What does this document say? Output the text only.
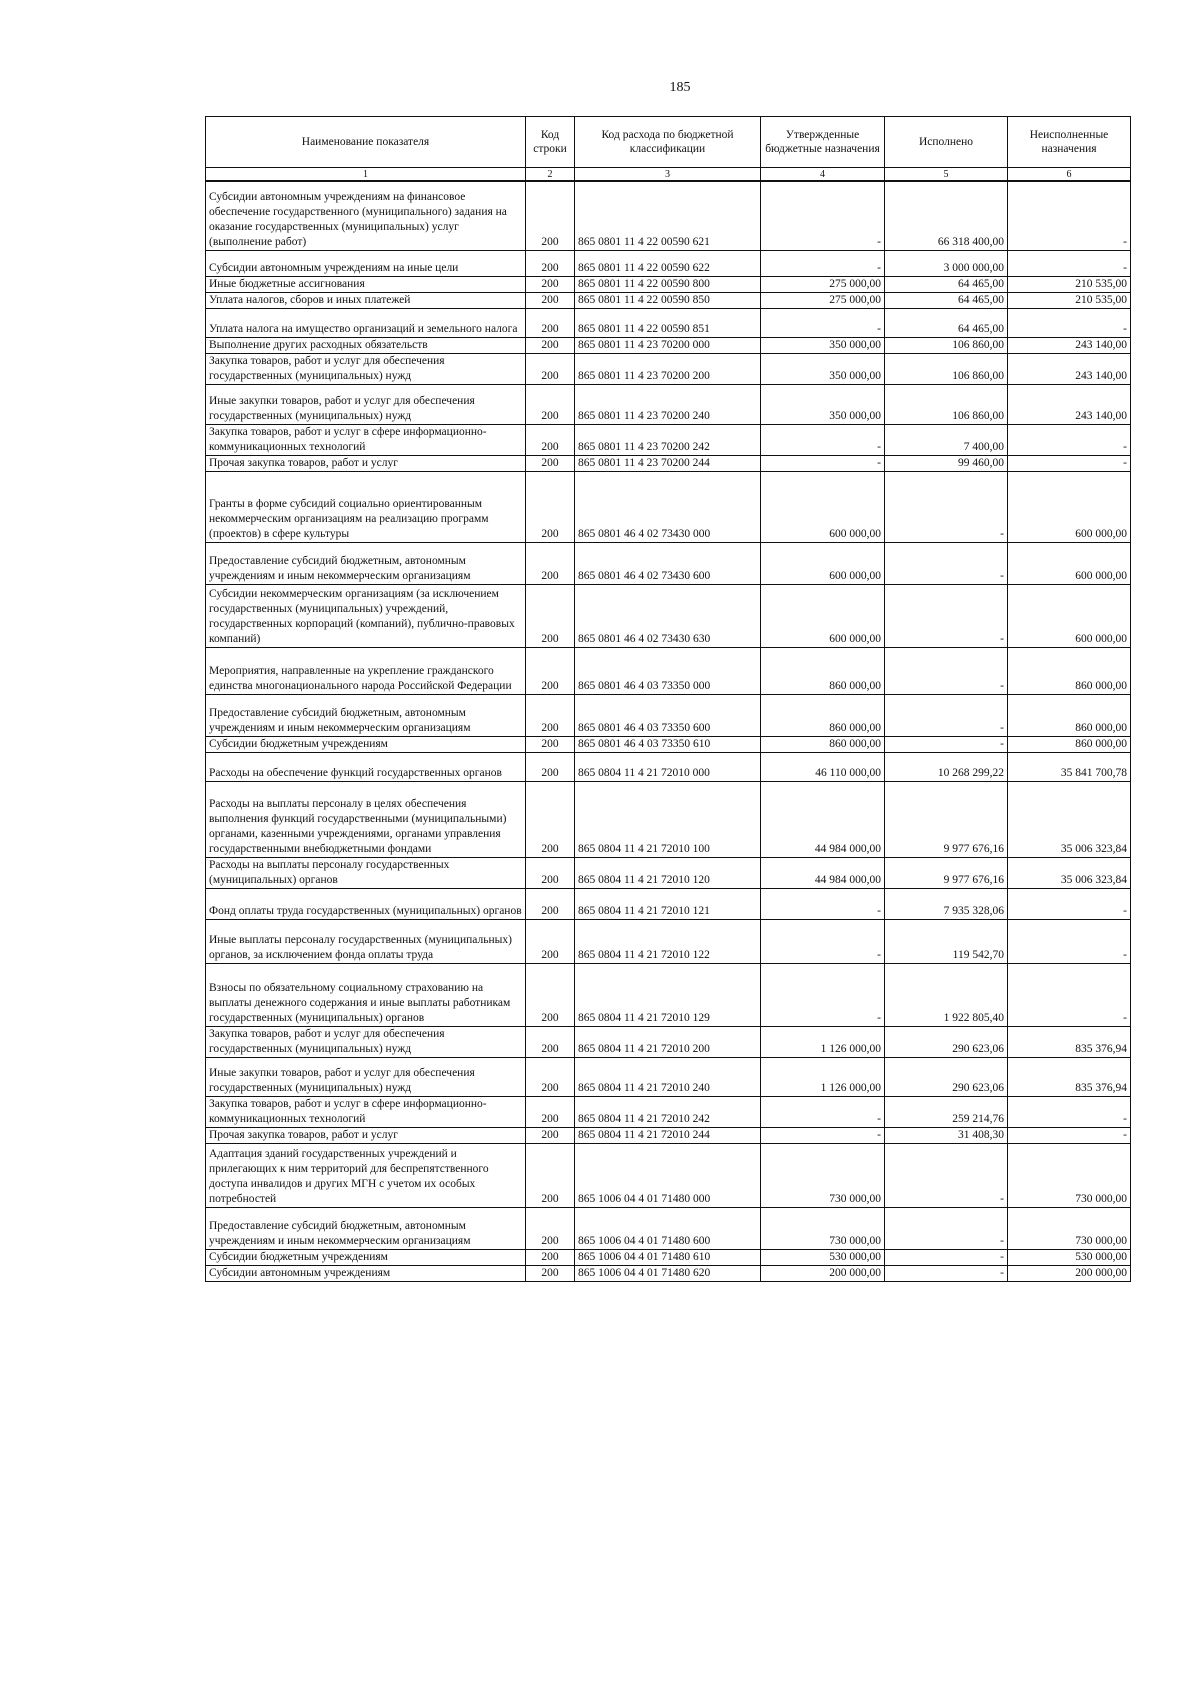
185
Наименование показателя	Код строки	Код расхода по бюджетной классификации	Утвержденные бюджетные назначения	Исполнено	Неисполненные назначения
1	2	3	4	5	6
Субсидии автономным учреждениям на финансовое обеспечение государственного (муниципального) задания на оказание государственных (муниципальных) услуг (выполнение работ)	200	865 0801 11 4 22 00590 621	-	66 318 400,00	-
Субсидии автономным учреждениям на иные цели	200	865 0801 11 4 22 00590 622	-	3 000 000,00	-
Иные бюджетные ассигнования	200	865 0801 11 4 22 00590 800	275 000,00	64 465,00	210 535,00
Уплата налогов, сборов и иных платежей	200	865 0801 11 4 22 00590 850	275 000,00	64 465,00	210 535,00
Уплата налога на имущество организаций и земельного налога	200	865 0801 11 4 22 00590 851	-	64 465,00	-
Выполнение других расходных обязательств	200	865 0801 11 4 23 70200 000	350 000,00	106 860,00	243 140,00
Закупка товаров, работ и услуг для обеспечения государственных (муниципальных) нужд	200	865 0801 11 4 23 70200 200	350 000,00	106 860,00	243 140,00
Иные закупки товаров, работ и услуг для обеспечения государственных (муниципальных) нужд	200	865 0801 11 4 23 70200 240	350 000,00	106 860,00	243 140,00
Закупка товаров, работ и услуг в сфере информационно-коммуникационных технологий	200	865 0801 11 4 23 70200 242	-	7 400,00	-
Прочая закупка товаров, работ и услуг	200	865 0801 11 4 23 70200 244	-	99 460,00	-
Гранты в форме субсидий социально ориентированным некоммерческим организациям на реализацию программ (проектов) в сфере культуры	200	865 0801 46 4 02 73430 000	600 000,00	-	600 000,00
Предоставление субсидий бюджетным, автономным учреждениям и иным некоммерческим организациям	200	865 0801 46 4 02 73430 600	600 000,00	-	600 000,00
Субсидии некоммерческим организациям (за исключением государственных (муниципальных) учреждений, государственных корпораций (компаний), публично-правовых компаний)	200	865 0801 46 4 02 73430 630	600 000,00	-	600 000,00
Мероприятия, направленные на укрепление гражданского единства многонационального народа Российской Федерации	200	865 0801 46 4 03 73350 000	860 000,00	-	860 000,00
Предоставление субсидий бюджетным, автономным учреждениям и иным некоммерческим организациям	200	865 0801 46 4 03 73350 600	860 000,00	-	860 000,00
Субсидии бюджетным учреждениям	200	865 0801 46 4 03 73350 610	860 000,00	-	860 000,00
Расходы на обеспечение функций государственных органов	200	865 0804 11 4 21 72010 000	46 110 000,00	10 268 299,22	35 841 700,78
Расходы на выплаты персоналу в целях обеспечения выполнения функций государственными (муниципальными) органами, казенными учреждениями, органами управления государственными внебюджетными фондами	200	865 0804 11 4 21 72010 100	44 984 000,00	9 977 676,16	35 006 323,84
Расходы на выплаты персоналу государственных (муниципальных) органов	200	865 0804 11 4 21 72010 120	44 984 000,00	9 977 676,16	35 006 323,84
Фонд оплаты труда государственных (муниципальных) органов	200	865 0804 11 4 21 72010 121	-	7 935 328,06	-
Иные выплаты персоналу государственных (муниципальных) органов, за исключением фонда оплаты труда	200	865 0804 11 4 21 72010 122	-	119 542,70	-
Взносы по обязательному социальному страхованию на выплаты денежного содержания и иные выплаты работникам государственных (муниципальных) органов	200	865 0804 11 4 21 72010 129	-	1 922 805,40	-
Закупка товаров, работ и услуг для обеспечения государственных (муниципальных) нужд	200	865 0804 11 4 21 72010 200	1 126 000,00	290 623,06	835 376,94
Иные закупки товаров, работ и услуг для обеспечения государственных (муниципальных) нужд	200	865 0804 11 4 21 72010 240	1 126 000,00	290 623,06	835 376,94
Закупка товаров, работ и услуг в сфере информационно-коммуникационных технологий	200	865 0804 11 4 21 72010 242	-	259 214,76	-
Прочая закупка товаров, работ и услуг	200	865 0804 11 4 21 72010 244	-	31 408,30	-
Адаптация зданий государственных учреждений и прилегающих к ним территорий для беспрепятственного доступа инвалидов и других МГН с учетом их особых потребностей	200	865 1006 04 4 01 71480 000	730 000,00	-	730 000,00
Предоставление субсидий бюджетным, автономным учреждениям и иным некоммерческим организациям	200	865 1006 04 4 01 71480 600	730 000,00	-	730 000,00
Субсидии бюджетным учреждениям	200	865 1006 04 4 01 71480 610	530 000,00	-	530 000,00
Субсидии автономным учреждениям	200	865 1006 04 4 01 71480 620	200 000,00	-	200 000,00
